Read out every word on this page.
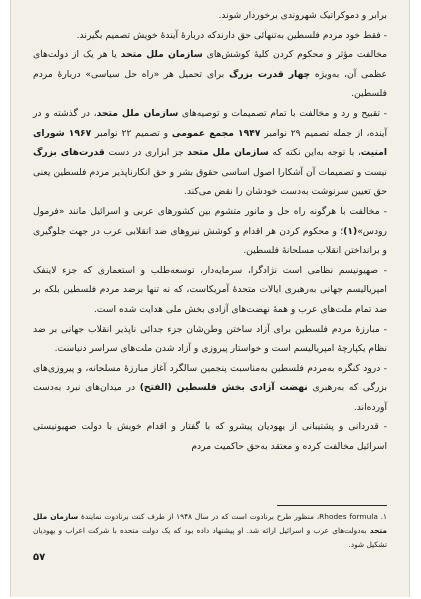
برابر و دموکراتیک شهروندی برخوردار شوند.

- فقط خود مردم فلسطین به‌تنهائی حق دارندکه دربارهٔ آیندهٔ خویش تصمیم بگیرند.

مخالفت مؤثر و محکوم کردن کلیهٔ کوشش‌های سازمان ملل متحد یا هر یک از دولت‌های عظمی آن، به‌ویژه چهار قدرت بزرگ برای تحمیل هر «راه حل سیاسی» دربارهٔ مردم فلسطین.

- تقبیح و رد و مخالفت با تمام تصمیمات و توصیه‌های سازمان ملل متحد، در گذشته و در آینده، از جمله تصمیم ۲۹ نوامبر ۱۹۴۷ مجمع عمومی و تصمیم ۲۲ نوامبر ۱۹۶۷ شورای امنیت، با توجه به‌این نکته که سازمان ملل متحد جز ابزاری در دست قدرت‌های بزرگ نیست و تصمیمات آن آشکارا اصول اساسی حقوق بشر و حق انکارناپذیر مردم فلسطین یعنی حق تعیین سرنوشت به‌دست خودشان را نقض می‌کند.

- مخالفت با هرگونه راه حل و مانور متشوم بین کشورهای عربی و اسرائیل مانند «فرمول رودس»(۱)؛ و محکوم کردن هر اقدام و کوشش نیروهای ضد انقلابی عرب در جهت جلوگیری و برانداختن انقلاب مسلحانهٔ فلسطین.

- صهیونیسم نظامی است نژادگرا، سرمایه‌دار، توسعه‌طلب و استعماری که جزء لاینفک امپریالیسم جهانی به‌رهبری ایالات متحدهٔ آمریکاست، که نه تنها برضد مردم فلسطین بلکه بر ضد تمام ملت‌های عرب و همهٔ نهضت‌های آزادی بخش ملی هدایت شده است.

- مبارزهٔ مردم فلسطین برای آزاد ساختن وطن‌شان جزء جدائی ناپذیر انقلاب جهانی بر ضد نظام یکپارچهٔ امپریالیسم است و خواستار پیروزی و آزاد شدن ملت‌های سراسر دنیاست.

- درود کنگره به‌مردم فلسطین به‌مناسبت پنجمین سالگرد آغاز مبارزهٔ مسلحانه، و پیروزی‌های بزرگی که به‌رهبری نهضت آزادی بخش فلسطین (الفتح) در میدان‌های نبرد به‌دست آورده‌اند.

- قدردانی و پشتیبانی از یهودیان پیشرو که با گفتار و اقدام خویش با دولت صهیونیستی اسرائیل مخالفت کرده و معتقد به‌حق حاکمیت مردم

۱. Rhodes formula، منظور طرح برنادوت است که در سال ۱۹۴۸ از طرف کنت برنادوت نمایندهٔ سازمان ملل متحد به‌دولت‌های عرب و اسرائیل ارائه شد. او پیشنهاد داده بود که یک دولت متحده با شرکت اعراب و یهودیان تشکیل شود.

۵۷
